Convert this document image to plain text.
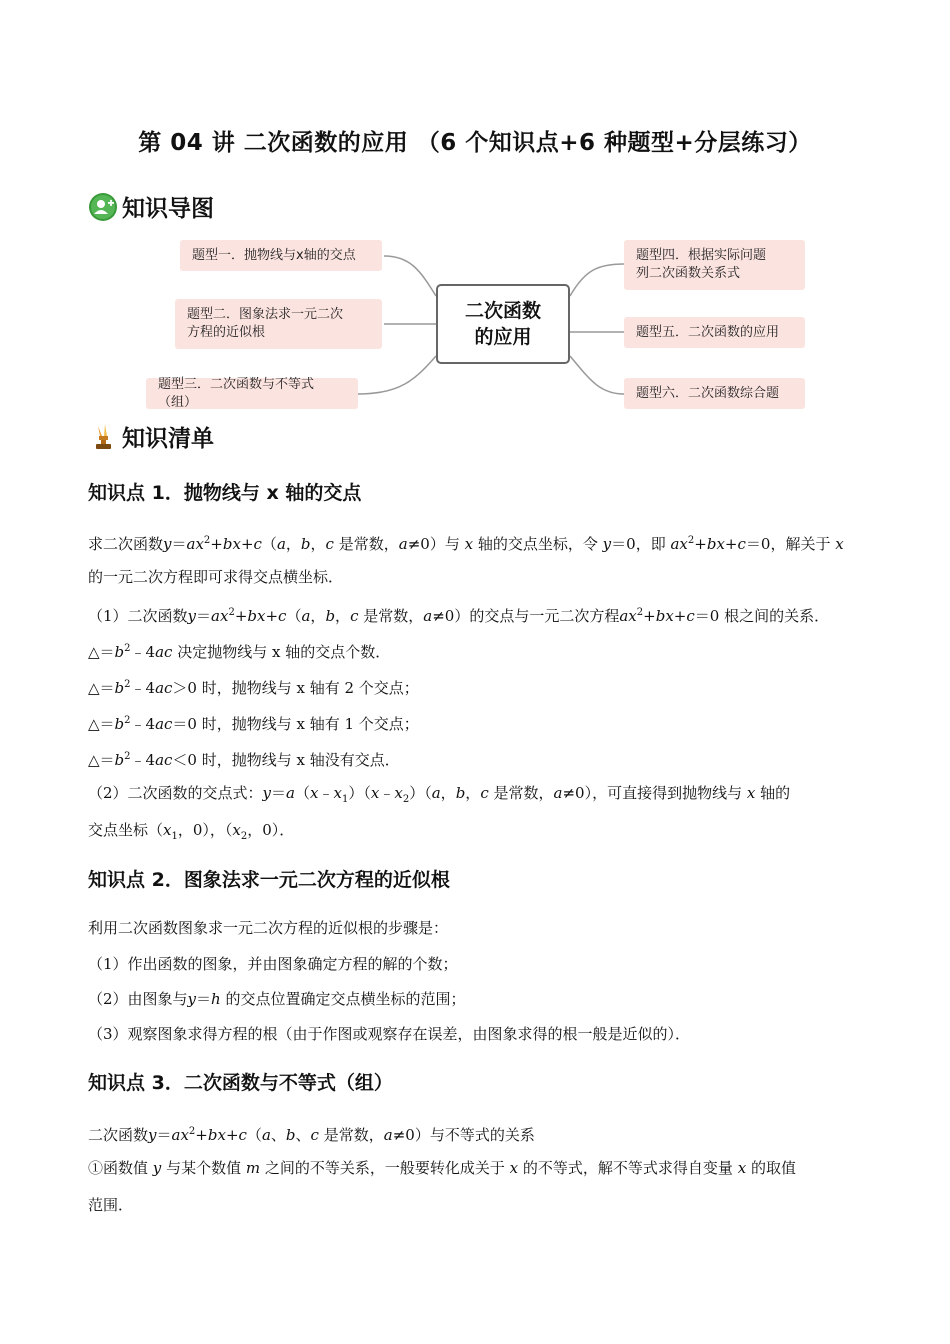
第 04 讲 二次函数的应用 （6 个知识点+6 种题型+分层练习）
知识导图
题型一．抛物线与x轴的交点
题型二．图象法求一元二次
方程的近似根
题型三．二次函数与不等式（组）
二次函数
的应用
题型四．根据实际问题
列二次函数关系式
题型五．二次函数的应用
题型六．二次函数综合题
知识清单
知识点 1．抛物线与 x 轴的交点
求二次函数$y=ax^2+bx+c(a$，b，c 是常数，a≠0）与 x 轴的交点坐标，令 y＝0，即 $ax^2+bx+c=0$，解关于 x
的一元二次方程即可求得交点横坐标．
（1）二次函数$y=ax^2+bx+c(a$，b，c 是常数，a≠0）的交点与一元二次方程$ax^2+bx+c=0$ 根之间的关系．
$\triangle=b^2﹣4ac$ 决定抛物线与 x 轴的交点个数．
$\triangle=b^2﹣4ac>0$ 时，抛物线与 x 轴有 2 个交点；
$\triangle=b^2﹣4ac=0$ 时，抛物线与 x 轴有 1 个交点；
$\triangle=b^2﹣4ac<0$ 时，抛物线与 x 轴没有交点．
（2）二次函数的交点式：$y=a(x﹣x_1)(x﹣x_2)(a$，b，c 是常数，a≠0），可直接得到抛物线与 x 轴的
交点坐标（$x_1$，0），（$x_2$，0）．
知识点 2．图象法求一元二次方程的近似根
利用二次函数图象求一元二次方程的近似根的步骤是：
（1）作出函数的图象，并由图象确定方程的解的个数；
（2）由图象与y＝h 的交点位置确定交点横坐标的范围；
（3）观察图象求得方程的根（由于作图或观察存在误差，由图象求得的根一般是近似的）．
知识点 3．二次函数与不等式（组）
二次函数$y=ax^2+bx+c(a$、b、c 是常数，a≠0）与不等式的关系
①函数值 y 与某个数值 m 之间的不等关系，一般要转化成关于 x 的不等式，解不等式求得自变量 x 的取值
范围．
